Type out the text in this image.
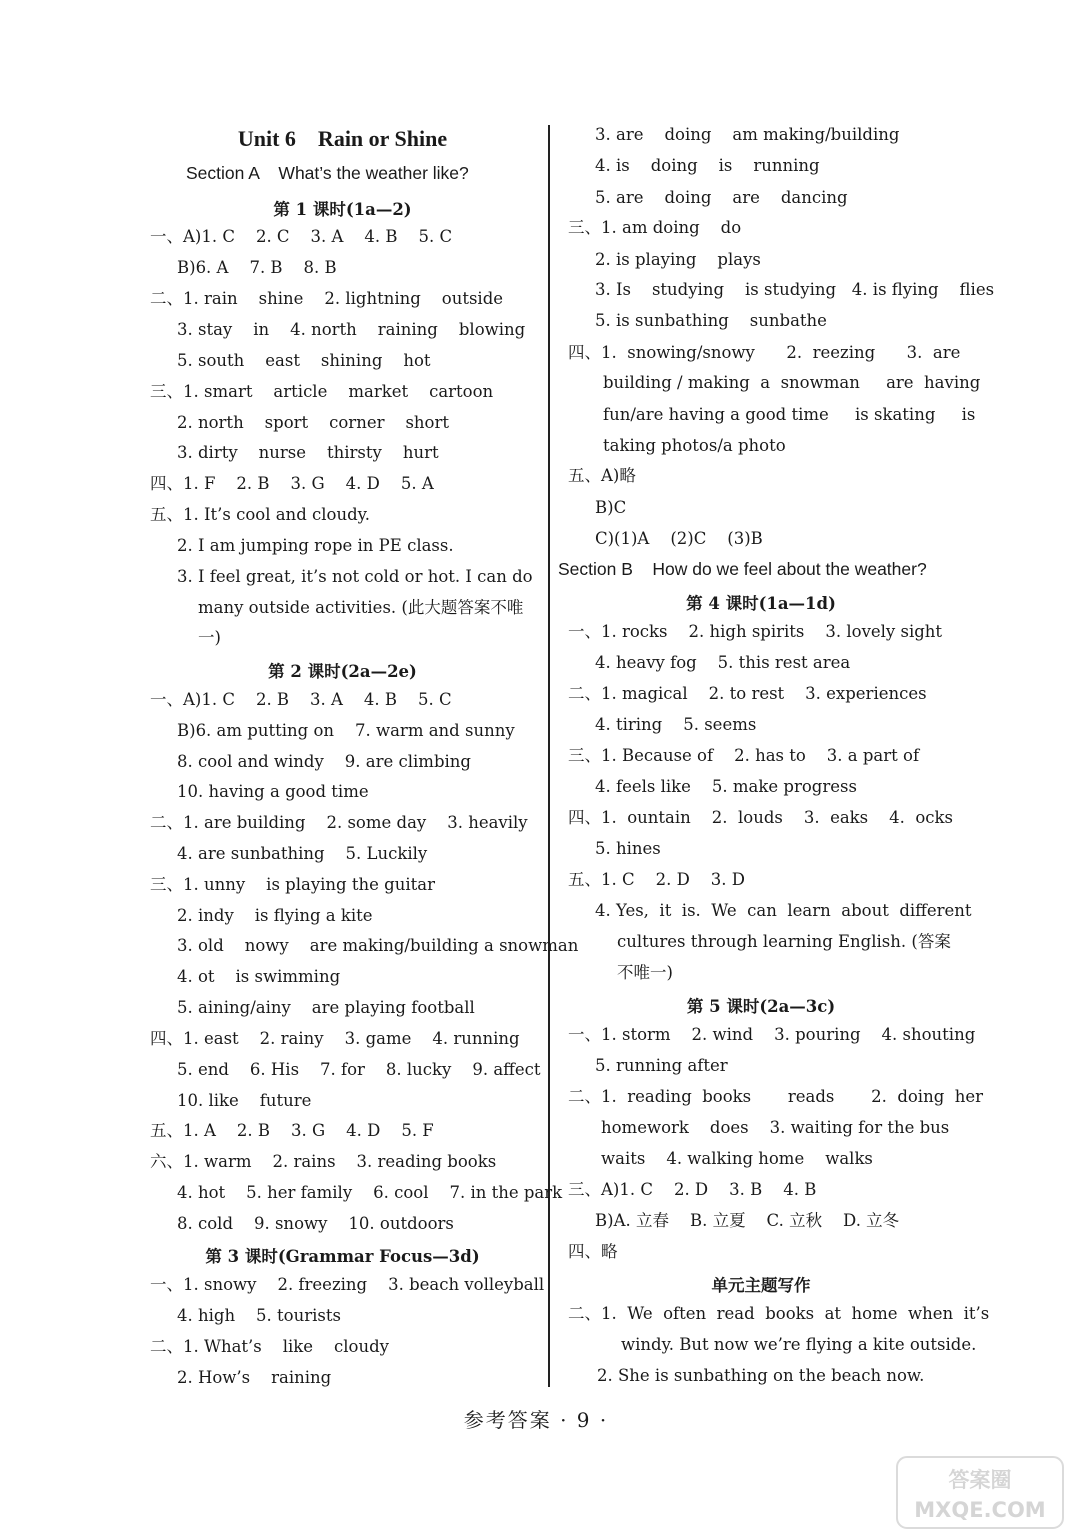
Unit 6    Rain or Shine
Section A    What’s the weather like?
第 1 课时(1a—2)
一、A)1. C    2. C    3. A    4. B    5. C
B)6. A    7. B    8. B
二、1. rain    shine    2. lightning    outside
3. stay    in    4. north    raining    blowing
5. south    east    shining    hot
三、1. smart    article    market    cartoon
2. north    sport    corner    short
3. dirty    nurse    thirsty    hurt
四、1. F    2. B    3. G    4. D    5. A
五、1. It’s cool and cloudy.
2. I am jumping rope in PE class.
3. I feel great, it’s not cold or hot. I can do
many outside activities. (此大题答案不唯
一)
第 2 课时(2a—2e)
一、A)1. C    2. B    3. A    4. B    5. C
B)6. am putting on    7. warm and sunny
8. cool and windy    9. are climbing
10. having a good time
二、1. are building    2. some day    3. heavily
4. are sunbathing    5. Luckily
三、1. unny    is playing the guitar
2. indy    is flying a kite
3. old    nowy    are making/building a snowman
4. ot    is swimming
5. aining/ainy    are playing football
四、1. east    2. rainy    3. game    4. running
5. end    6. His    7. for    8. lucky    9. affect
10. like    future
五、1. A    2. B    3. G    4. D    5. F
六、1. warm    2. rains    3. reading books
4. hot    5. her family    6. cool    7. in the park
8. cold    9. snowy    10. outdoors
第 3 课时(Grammar Focus—3d)
一、1. snowy    2. freezing    3. beach volleyball
4. high    5. tourists
二、1. What’s    like    cloudy
2. How’s    raining
3. are    doing    am making/building
4. is    doing    is    running
5. are    doing    are    dancing
三、1. am doing    do
2. is playing    plays
3. Is    studying    is studying   4. is flying    flies
5. is sunbathing    sunbathe
四、1.  snowing/snowy      2.  reezing      3.  are
building / making  a  snowman     are  having
fun/are having a good time     is skating     is
taking photos/a photo
五、A)略
B)C
C)(1)A    (2)C    (3)B
Section B    How do we feel about the weather?
第 4 课时(1a—1d)
一、1. rocks    2. high spirits    3. lovely sight
4. heavy fog    5. this rest area
二、1. magical    2. to rest    3. experiences
4. tiring    5. seems
三、1. Because of    2. has to    3. a part of
4. feels like    5. make progress
四、1.  ountain    2.  louds    3.  eaks    4.  ocks
5. hines
五、1. C    2. D    3. D
4. Yes,  it  is.  We  can  learn  about  different
cultures through learning English. (答案
不唯一)
第 5 课时(2a—3c)
一、1. storm    2. wind    3. pouring    4. shouting
5. running after
二、1.  reading  books       reads       2.  doing  her
homework    does    3. waiting for the bus
waits    4. walking home    walks
三、A)1. C    2. D    3. B    4. B
B)A. 立春    B. 立夏    C. 立秋    D. 立冬
四、略
单元主题写作
二、1.  We  often  read  books  at  home  when  it’s
windy. But now we’re flying a kite outside.
2. She is sunbathing on the beach now.
参考答案 · 9 ·
答案圈
MXQE.COM
